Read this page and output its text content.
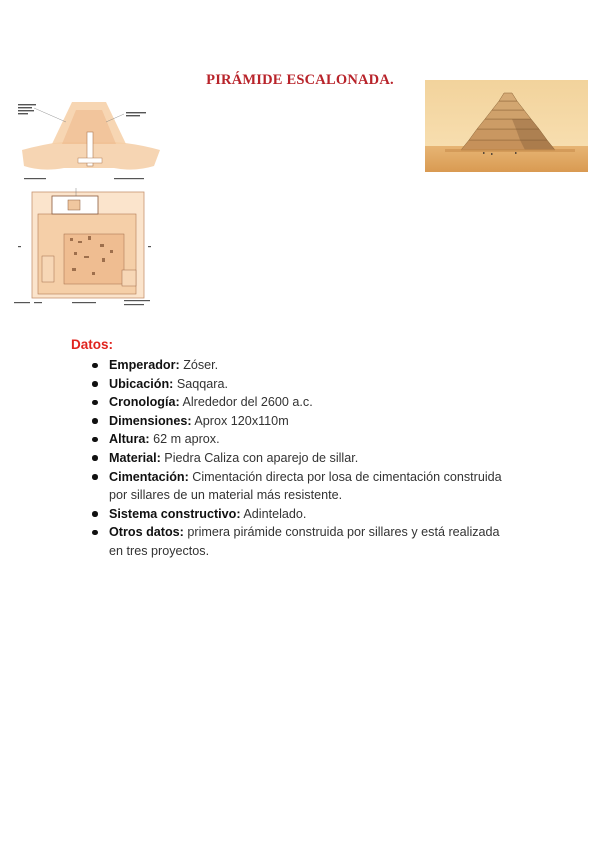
PIRÁMIDE ESCALONADA.
Datos:
Emperador: Zóser.
Ubicación: Saqqara.
Cronología: Alrededor del 2600 a.c.
Dimensiones: Aprox 120x110m
Altura: 62 m aprox.
Material: Piedra Caliza con aparejo de sillar.
Cimentación: Cimentación directa por losa de cimentación construida por sillares de un material más resistente.
Sistema constructivo: Adintelado.
Otros datos: primera pirámide construida por sillares y está realizada en tres proyectos.
